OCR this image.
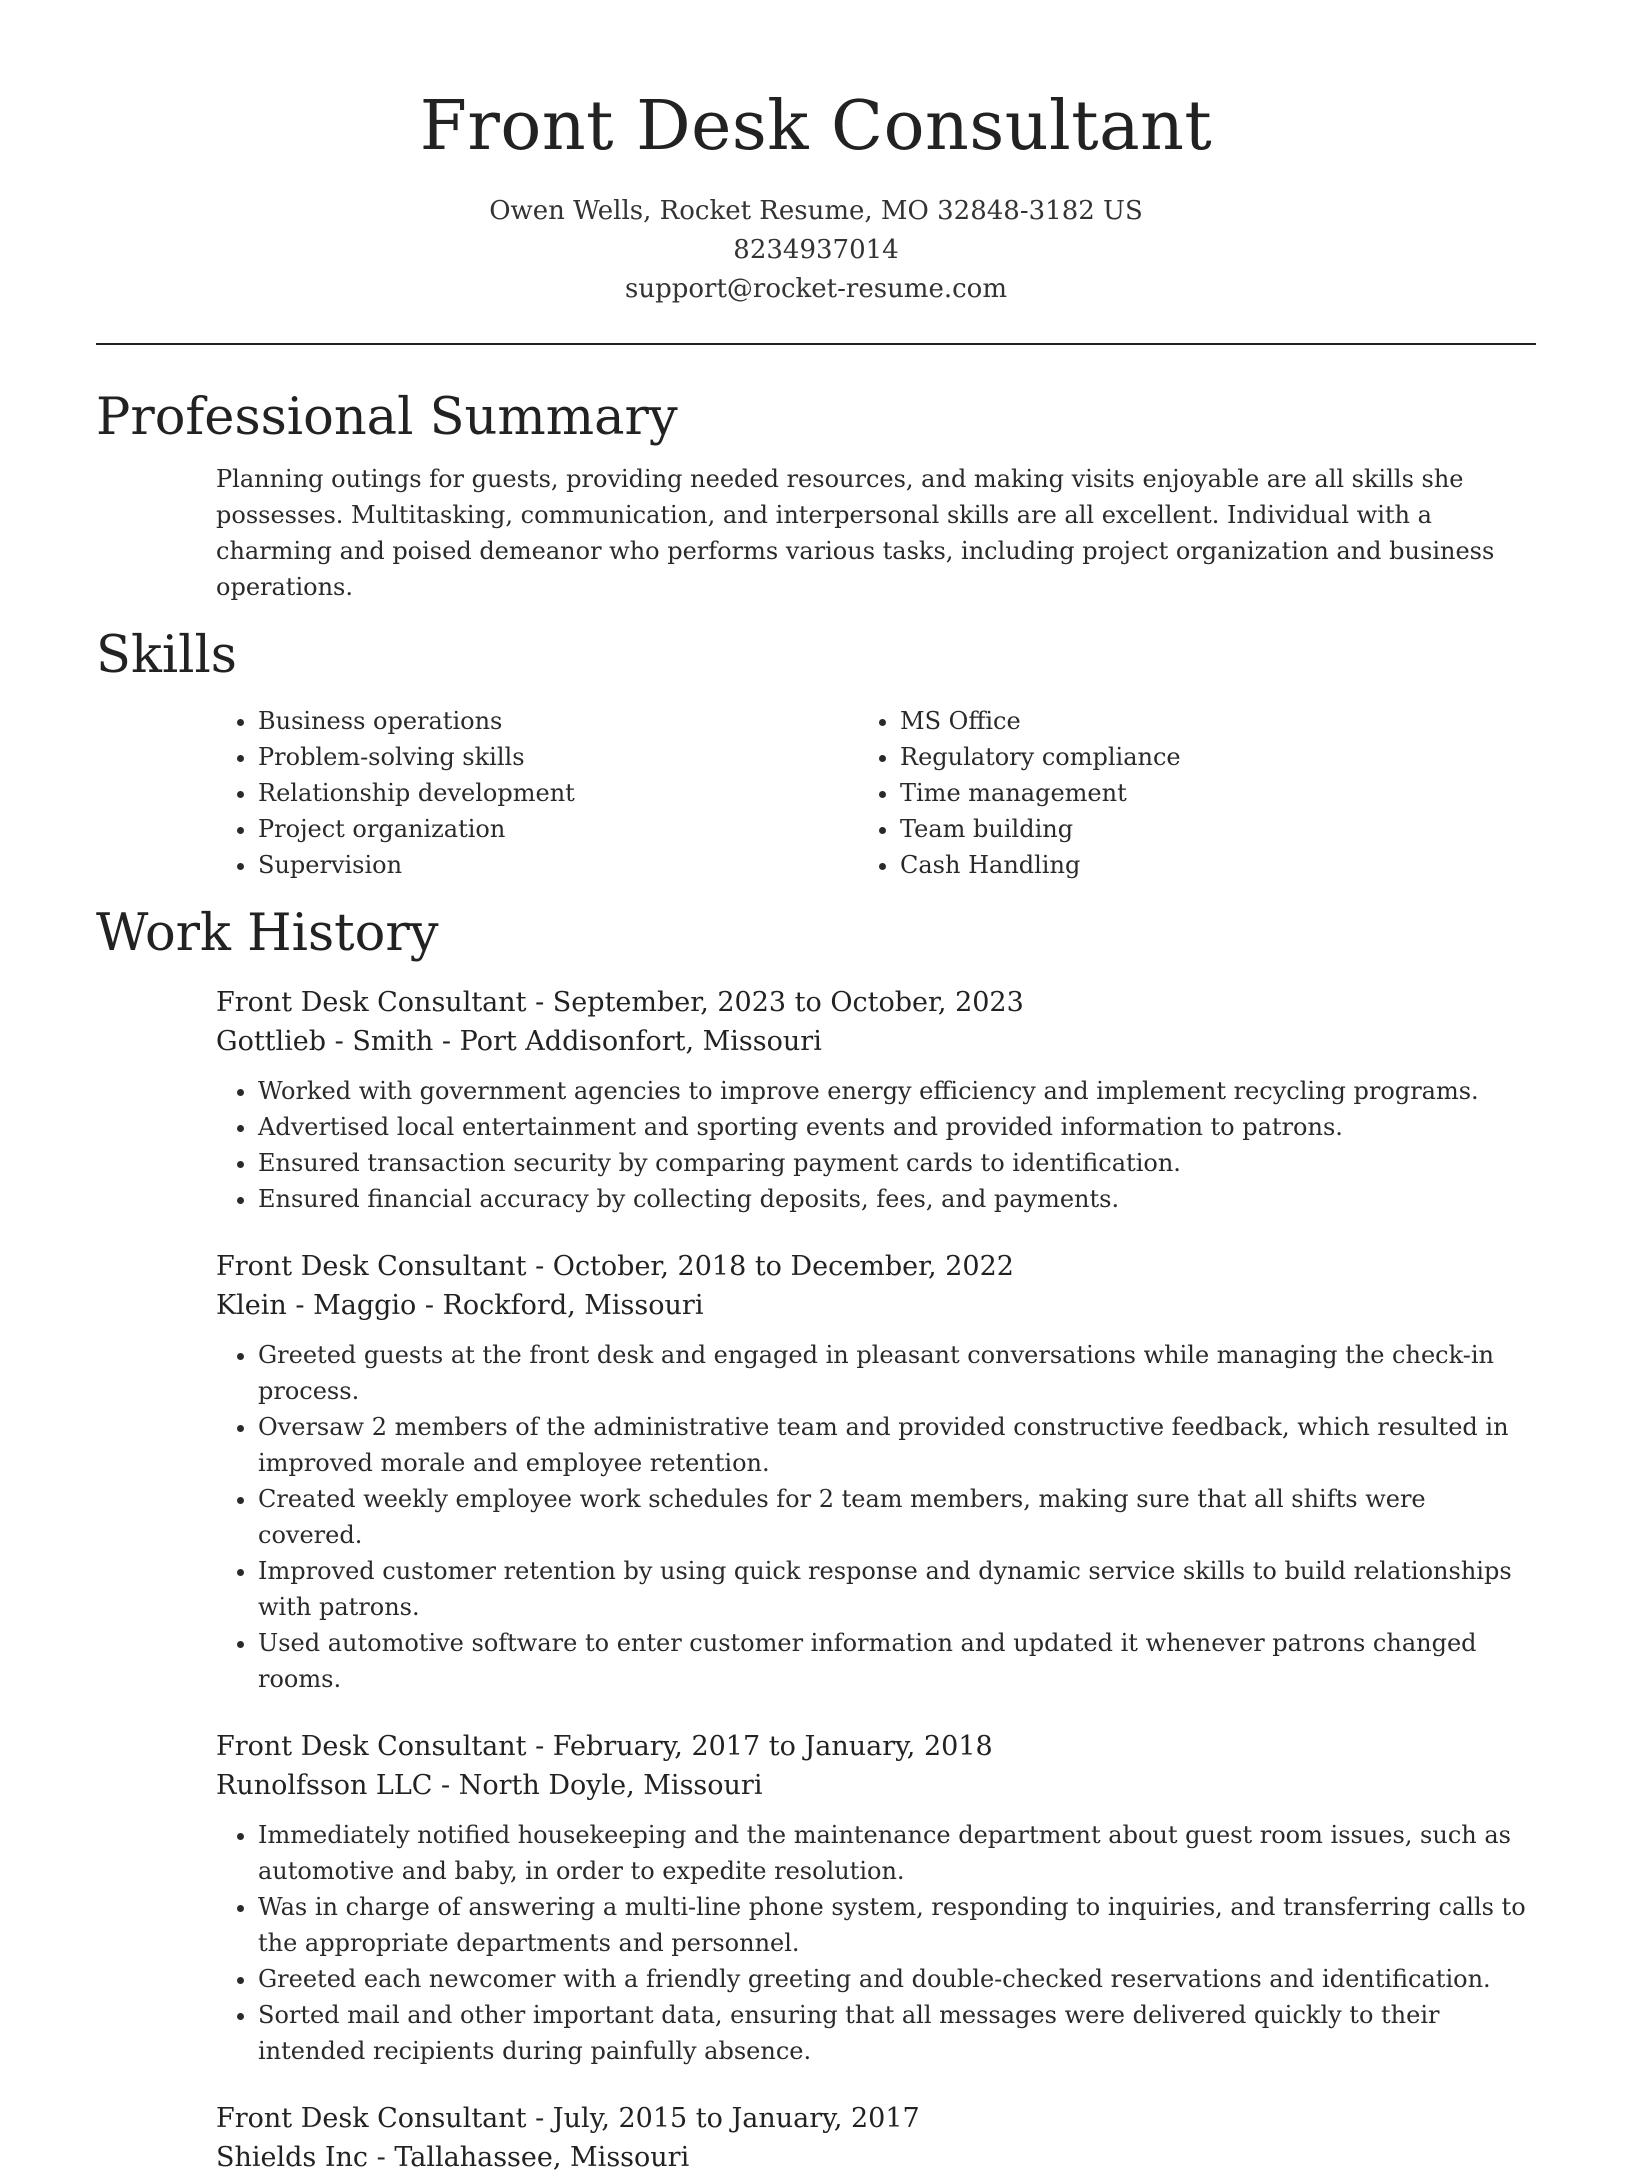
Front Desk Consultant
Owen Wells, Rocket Resume, MO 32848-3182 US
8234937014
support@rocket-resume.com
Professional Summary
Planning outings for guests, providing needed resources, and making visits enjoyable are all skills she possesses. Multitasking, communication, and interpersonal skills are all excellent. Individual with a charming and poised demeanor who performs various tasks, including project organization and business operations.
Skills
• Business operations
• Problem-solving skills
• Relationship development
• Project organization
• Supervision
• MS Office
• Regulatory compliance
• Time management
• Team building
• Cash Handling
Work History
Front Desk Consultant - September, 2023 to October, 2023
Gottlieb - Smith - Port Addisonfort, Missouri
• Worked with government agencies to improve energy efficiency and implement recycling programs.
• Advertised local entertainment and sporting events and provided information to patrons.
• Ensured transaction security by comparing payment cards to identification.
• Ensured financial accuracy by collecting deposits, fees, and payments.
Front Desk Consultant - October, 2018 to December, 2022
Klein - Maggio - Rockford, Missouri
• Greeted guests at the front desk and engaged in pleasant conversations while managing the check-in process.
• Oversaw 2 members of the administrative team and provided constructive feedback, which resulted in improved morale and employee retention.
• Created weekly employee work schedules for 2 team members, making sure that all shifts were covered.
• Improved customer retention by using quick response and dynamic service skills to build relationships with patrons.
• Used automotive software to enter customer information and updated it whenever patrons changed rooms.
Front Desk Consultant - February, 2017 to January, 2018
Runolfsson LLC - North Doyle, Missouri
• Immediately notified housekeeping and the maintenance department about guest room issues, such as automotive and baby, in order to expedite resolution.
• Was in charge of answering a multi-line phone system, responding to inquiries, and transferring calls to the appropriate departments and personnel.
• Greeted each newcomer with a friendly greeting and double-checked reservations and identification.
• Sorted mail and other important data, ensuring that all messages were delivered quickly to their intended recipients during painfully absence.
Front Desk Consultant - July, 2015 to January, 2017
Shields Inc - Tallahassee, Missouri
